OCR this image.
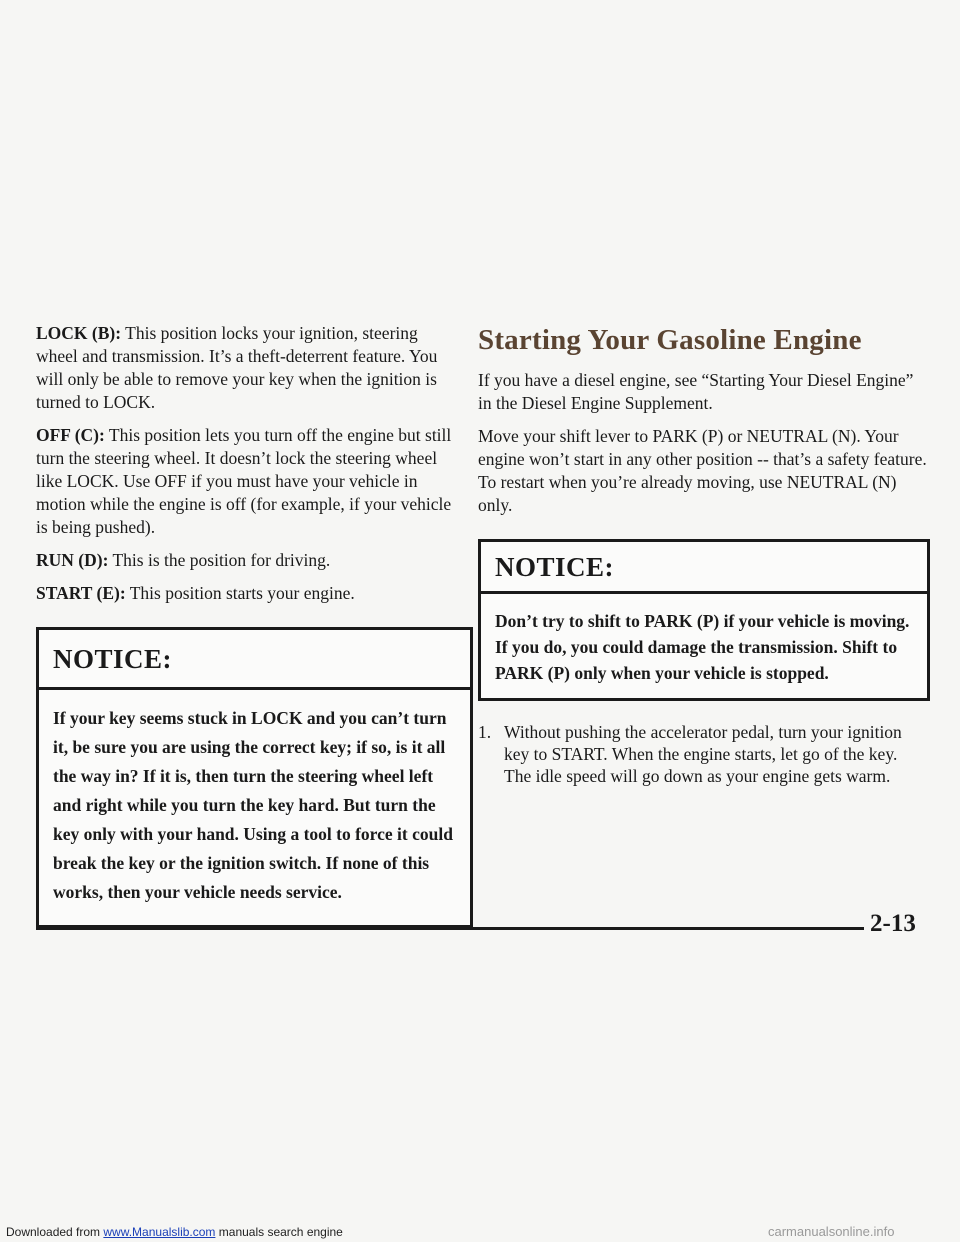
LOCK (B): This position locks your ignition, steering wheel and transmission. It’s a theft-deterrent feature. You will only be able to remove your key when the ignition is turned to LOCK.

OFF (C): This position lets you turn off the engine but still turn the steering wheel. It doesn’t lock the steering wheel like LOCK. Use OFF if you must have your vehicle in motion while the engine is off (for example, if your vehicle is being pushed).

RUN (D): This is the position for driving.

START (E): This position starts your engine.

NOTICE:
If your key seems stuck in LOCK and you can’t turn it, be sure you are using the correct key; if so, is it all the way in? If it is, then turn the steering wheel left and right while you turn the key hard. But turn the key only with your hand. Using a tool to force it could break the key or the ignition switch. If none of this works, then your vehicle needs service.
Starting Your Gasoline Engine

If you have a diesel engine, see “Starting Your Diesel Engine” in the Diesel Engine Supplement.

Move your shift lever to PARK (P) or NEUTRAL (N). Your engine won’t start in any other position -- that’s a safety feature. To restart when you’re already moving, use NEUTRAL (N) only.

NOTICE:
Don’t try to shift to PARK (P) if your vehicle is moving. If you do, you could damage the transmission. Shift to PARK (P) only when your vehicle is stopped.
1. Without pushing the accelerator pedal, turn your ignition key to START. When the engine starts, let go of the key. The idle speed will go down as your engine gets warm.
2-13
Downloaded from www.Manualslib.com manuals search engine	carmanualsonline.info
